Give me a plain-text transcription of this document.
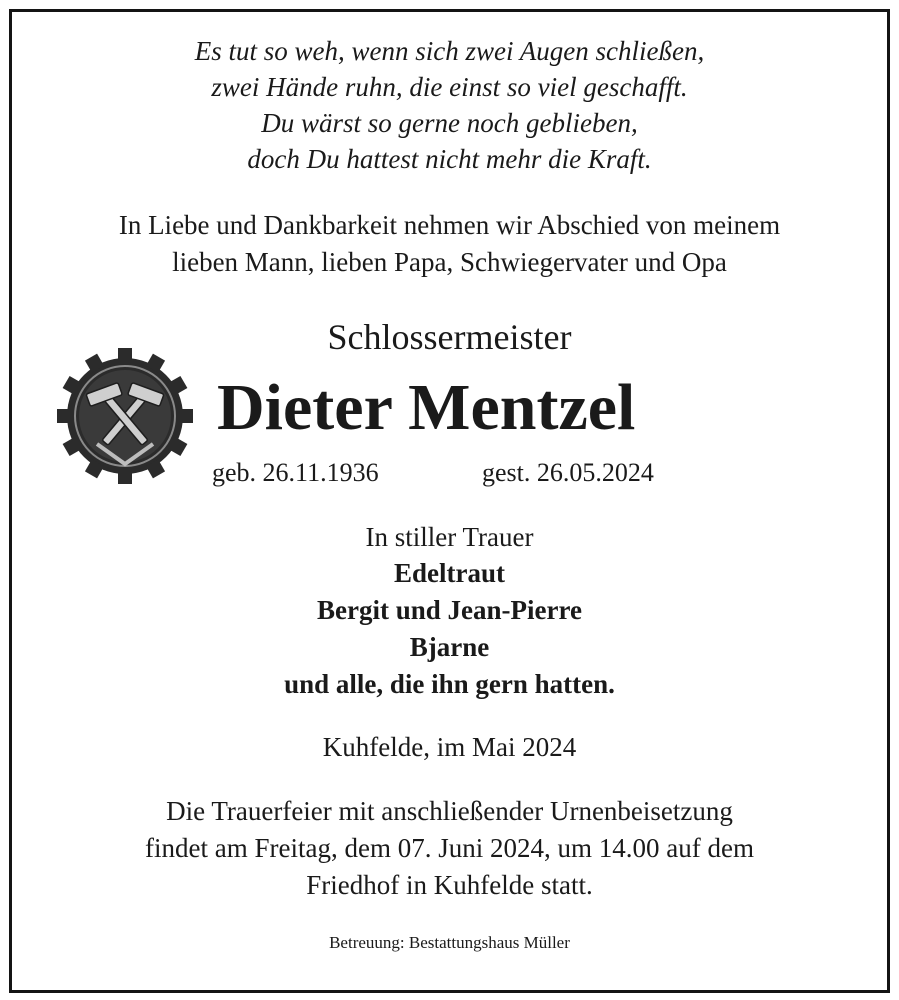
Es tut so weh, wenn sich zwei Augen schließen,
zwei Hände ruhn, die einst so viel geschafft.
Du wärst so gerne noch geblieben,
doch Du hattest nicht mehr die Kraft.
In Liebe und Dankbarkeit nehmen wir Abschied von meinem
lieben Mann, lieben Papa, Schwiegervater und Opa
Schlossermeister
Dieter Mentzel
geb. 26.11.1936	gest. 26.05.2024
In stiller Trauer
Edeltraut
Bergit und Jean-Pierre
Bjarne
und alle, die ihn gern hatten.
Kuhfelde, im Mai 2024
Die Trauerfeier mit anschließender Urnenbeisetzung
findet am Freitag, dem 07. Juni 2024, um 14.00 auf dem
Friedhof in Kuhfelde statt.
Betreuung: Bestattungshaus Müller
